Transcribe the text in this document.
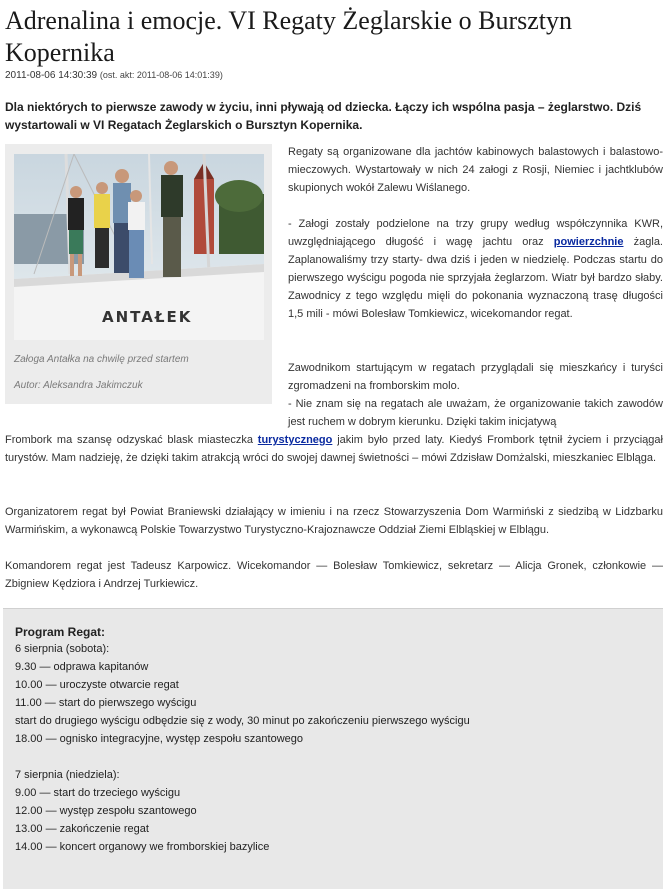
Adrenalina i emocje. VI Regaty Żeglarskie o Bursztyn Kopernika
2011-08-06 14:30:39 (ost. akt: 2011-08-06 14:01:39)

Dla niektórych to pierwsze zawody w życiu, inni pływają od dziecka. Łączy ich wspólna pasja – żeglarstwo. Dziś wystartowali w VI Regatach Żeglarskich o Bursztyn Kopernika.

ANTAŁEK
Załoga Antałka na chwilę przed startem
Autor: Aleksandra Jakimczuk

Regaty są organizowane dla jachtów kabinowych balastowych i balastowo-mieczowych. Wystartowały w nich 24 załogi z Rosji, Niemiec i jachtklubów skupionych wokół Zalewu Wiślanego.

- Załogi zostały podzielone na trzy grupy według współczynnika KWR, uwzględniającego długość i wagę jachtu oraz powierzchnie żagla. Zaplanowaliśmy trzy starty- dwa dziś i jeden w niedzielę. Podczas startu do pierwszego wyścigu pogoda nie sprzyjała żeglarzom. Wiatr był bardzo słaby. Zawodnicy z tego względu mięli do pokonania wyznaczoną trasę długości 1,5 mili - mówi Bolesław Tomkiewicz, wicekomandor regat.

Zawodnikom startującym w regatach przyglądali się mieszkańcy i turyści zgromadzeni na fromborskim molo.
- Nie znam się na regatach ale uważam, że organizowanie takich zawodów jest ruchem w dobrym kierunku. Dzięki takim inicjatywą

Frombork ma szansę odzyskać blask miasteczka turystycznego jakim było przed laty. Kiedyś Frombork tętnił życiem i przyciągał turystów. Mam nadzieję, że dzięki takim atrakcją wróci do swojej dawnej świetności – mówi Zdzisław Domżalski, mieszkaniec Elbląga.

Organizatorem regat był Powiat Braniewski działający w imieniu i na rzecz Stowarzyszenia Dom Warmiński z siedzibą w Lidzbarku Warmińskim, a wykonawcą Polskie Towarzystwo Turystyczno-Krajoznawcze Oddział Ziemi Elbląskiej w Elblągu.

Komandorem regat jest Tadeusz Karpowicz. Wicekomandor — Bolesław Tomkiewicz, sekretarz — Alicja Gronek, członkowie — Zbigniew Kędziora i Andrzej Turkiewicz.

Program Regat:
6 sierpnia (sobota):
9.30 — odprawa kapitanów
10.00 — uroczyste otwarcie regat
11.00 — start do pierwszego wyścigu
start do drugiego wyścigu odbędzie się z wody, 30 minut po zakończeniu pierwszego wyścigu
18.00 — ognisko integracyjne, występ zespołu szantowego
7 sierpnia (niedziela):
9.00 — start do trzeciego wyścigu
12.00 — występ zespołu szantowego
13.00 — zakończenie regat
14.00 — koncert organowy we fromborskiej bazylice
